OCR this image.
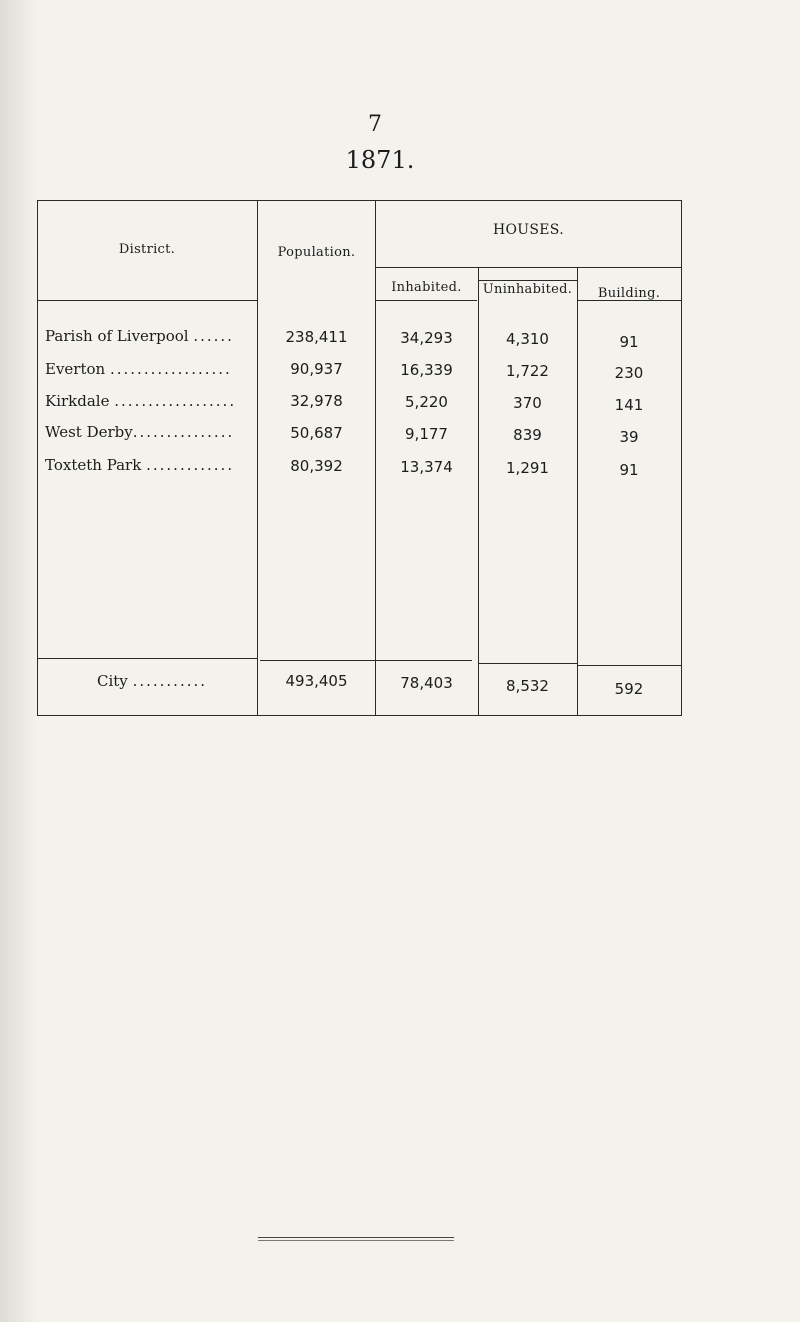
7
1871.
District.	Population.
HOUSES.
Inhabited.	Uninhabited.	Building.
Parish of Liverpool ......	238,411	34,293	4,310	91
Everton ..................	90,937	16,339	1,722	230
Kirkdale ..................	32,978	5,220	370	141
West Derby...............	50,687	9,177	839	39
Toxteth Park .............	80,392	13,374	1,291	91
City ...........	493,405	78,403	8,532	592
